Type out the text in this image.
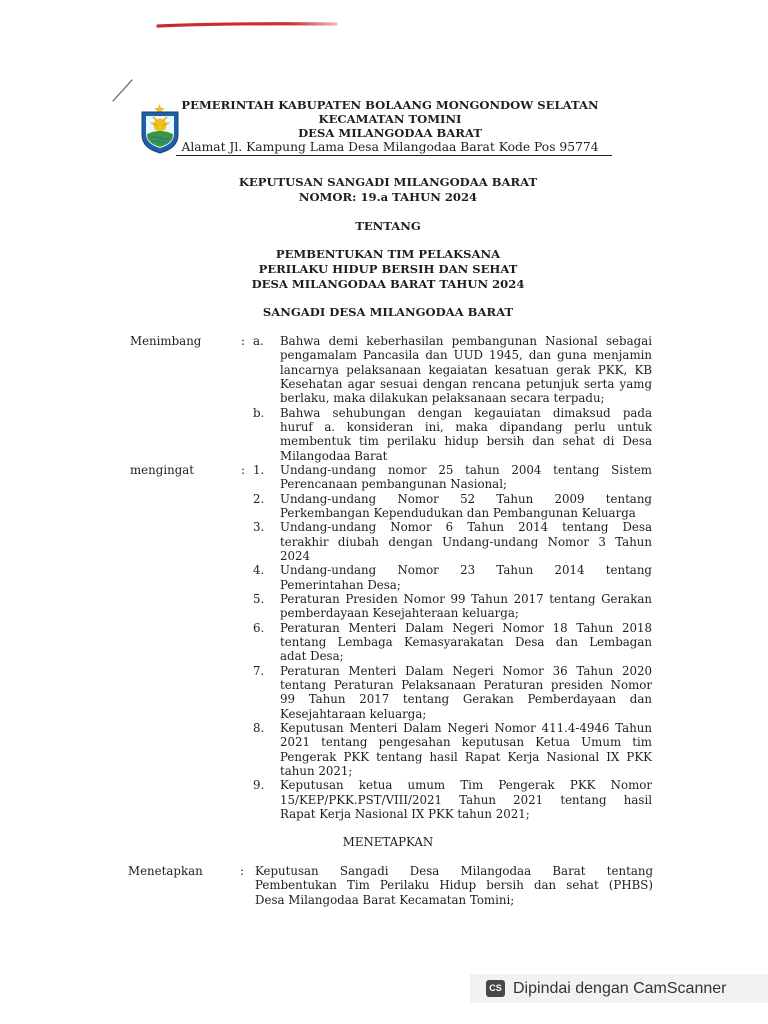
PEMERINTAH KABUPATEN BOLAANG MONGONDOW SELATAN
KECAMATAN TOMINI
DESA MILANGODAA BARAT
Alamat Jl. Kampung Lama Desa Milangodaa Barat Kode Pos 95774
KEPUTUSAN SANGADI MILANGODAA BARAT
NOMOR: 19.a TAHUN 2024
TENTANG
PEMBENTUKAN TIM PELAKSANA
PERILAKU HIDUP BERSIH DAN SEHAT
DESA MILANGODAA BARAT TAHUN 2024
SANGADI DESA MILANGODAA BARAT
Menimbang	: a.	Bahwa demi keberhasilan pembangunan Nasional sebagai
pengamalam Pancasila dan UUD 1945, dan guna menjamin
lancarnya pelaksanaan kegaiatan kesatuan gerak PKK, KB
Kesehatan agar sesuai dengan rencana petunjuk serta yamg
berlaku, maka dilakukan pelaksanaan secara terpadu;
b.	Bahwa sehubungan dengan kegauiatan dimaksud pada
huruf a. konsideran ini, maka dipandang perlu untuk
membentuk tim perilaku hidup bersih dan sehat di Desa
Milangodaa Barat
mengingat	: 1.	Undang-undang nomor 25 tahun 2004 tentang Sistem
Perencanaan pembangunan Nasional;
2.	Undang-undang Nomor 52 Tahun 2009 tentang
Perkembangan Kependudukan dan Pembangunan Keluarga
3.	Undang-undang Nomor 6 Tahun 2014 tentang Desa
terakhir diubah dengan Undang-undang Nomor 3 Tahun
2024
4.	Undang-undang Nomor 23 Tahun 2014 tentang
Pemerintahan Desa;
5.	Peraturan Presiden Nomor 99 Tahun 2017 tentang Gerakan
pemberdayaan Kesejahteraan keluarga;
6.	Peraturan Menteri Dalam Negeri Nomor 18 Tahun 2018
tentang Lembaga Kemasyarakatan Desa dan Lembagan
adat Desa;
7.	Peraturan Menteri Dalam Negeri Nomor 36 Tahun 2020
tentang Peraturan Pelaksanaan Peraturan presiden Nomor
99 Tahun 2017 tentang Gerakan Pemberdayaan dan
Kesejahtaraan keluarga;
8.	Keputusan Menteri Dalam Negeri Nomor 411.4-4946 Tahun
2021 tentang pengesahan keputusan Ketua Umum tim
Pengerak PKK tentang hasil Rapat Kerja Nasional IX PKK
tahun 2021;
9.	Keputusan ketua umum Tim Pengerak PKK Nomor
15/KEP/PKK.PST/VIII/2021 Tahun 2021 tentang hasil
Rapat Kerja Nasional IX PKK tahun 2021;
MENETAPKAN
Menetapkan	: Keputusan Sangadi Desa Milangodaa Barat tentang
Pembentukan Tim Perilaku Hidup bersih dan sehat (PHBS)
Desa Milangodaa Barat Kecamatan Tomini;
CS Dipindai dengan CamScanner
